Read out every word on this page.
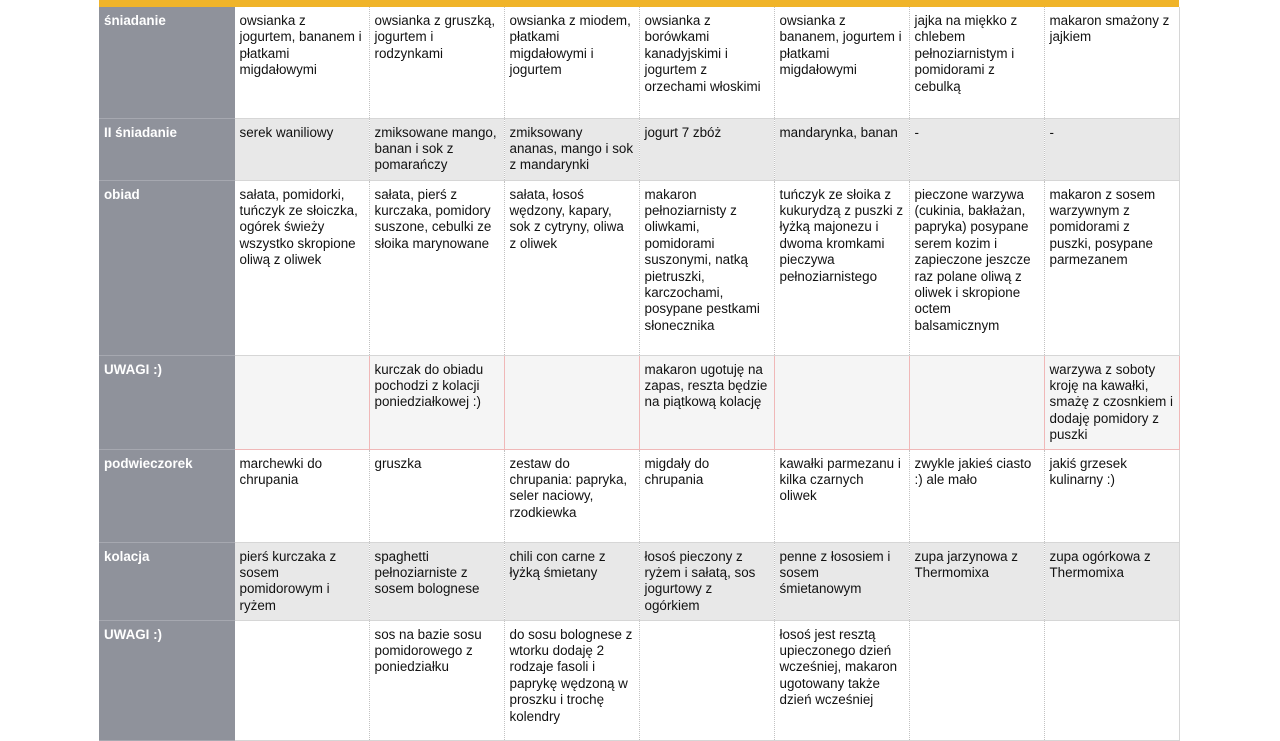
śniadanie	owsianka z jogurtem, bananem i płatkami migdałowymi	owsianka z gruszką, jogurtem i rodzynkami	owsianka z miodem, płatkami migdałowymi i jogurtem	owsianka z borówkami kanadyjskimi i jogurtem z orzechami włoskimi	owsianka z bananem, jogurtem i płatkami migdałowymi	jajka na miękko z chlebem pełnoziarnistym i pomidorami z cebulką	makaron smażony z jajkiem
II śniadanie	serek waniliowy	zmiksowane mango, banan i sok z pomarańczy	zmiksowany ananas, mango i sok z mandarynki	jogurt 7 zbóż	mandarynka, banan	-	-
obiad	sałata, pomidorki, tuńczyk ze słoiczka, ogórek świeży wszystko skropione oliwą z oliwek	sałata, pierś z kurczaka, pomidory suszone, cebulki ze słoika marynowane	sałata, łosoś wędzony, kapary, sok z cytryny, oliwa z oliwek	makaron pełnoziarnisty z oliwkami, pomidorami suszonymi, natką pietruszki, karczochami, posypane pestkami słonecznika	tuńczyk ze słoika z kukurydzą z puszki z łyżką majonezu i dwoma kromkami pieczywa pełnoziarnistego	pieczone warzywa (cukinia, bakłażan, papryka) posypane serem kozim i zapieczone jeszcze raz polane oliwą z oliwek i skropione octem balsamicznym	makaron z sosem warzywnym z pomidorami z puszki, posypane parmezanem
UWAGI :)		kurczak do obiadu pochodzi z kolacji poniedziałkowej :)		makaron ugotuję na zapas, reszta będzie na piątkową kolację			warzywa z soboty kroję na kawałki, smażę z czosnkiem i dodaję pomidory z puszki
podwieczorek	marchewki do chrupania	gruszka	zestaw do chrupania: papryka, seler naciowy, rzodkiewka	migdały do chrupania	kawałki parmezanu i kilka czarnych oliwek	zwykle jakieś ciasto :) ale mało	jakiś grzesek kulinarny :)
kolacja	pierś kurczaka z sosem pomidorowym i ryżem	spaghetti pełnoziarniste z sosem bolognese	chili con carne z łyżką śmietany	łosoś pieczony z ryżem i sałatą, sos jogurtowy z ogórkiem	penne z łososiem i sosem śmietanowym	zupa jarzynowa z Thermomixa	zupa ogórkowa z Thermomixa
UWAGI :)		sos na bazie sosu pomidorowego z poniedziałku	do sosu bolognese z wtorku dodaję 2 rodzaje fasoli i paprykę wędzoną w proszku i trochę kolendry		łosoś jest resztą upieczonego dzień wcześniej, makaron ugotowany także dzień wcześniej		
